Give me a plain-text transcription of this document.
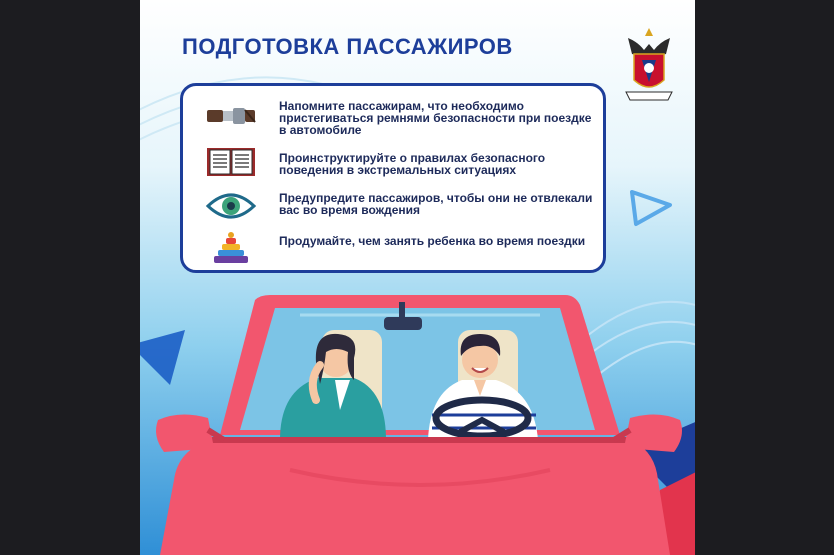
ПОДГОТОВКА ПАССАЖИРОВ
Напомните пассажирам, что необходимо пристегиваться ремнями безопасности при поездке в автомобиле
Проинструктируйте о правилах безопасного поведения в экстремальных ситуациях
Предупредите пассажиров, чтобы они не отвлекали вас во время вождения
Продумайте, чем занять ребенка во время поездки
